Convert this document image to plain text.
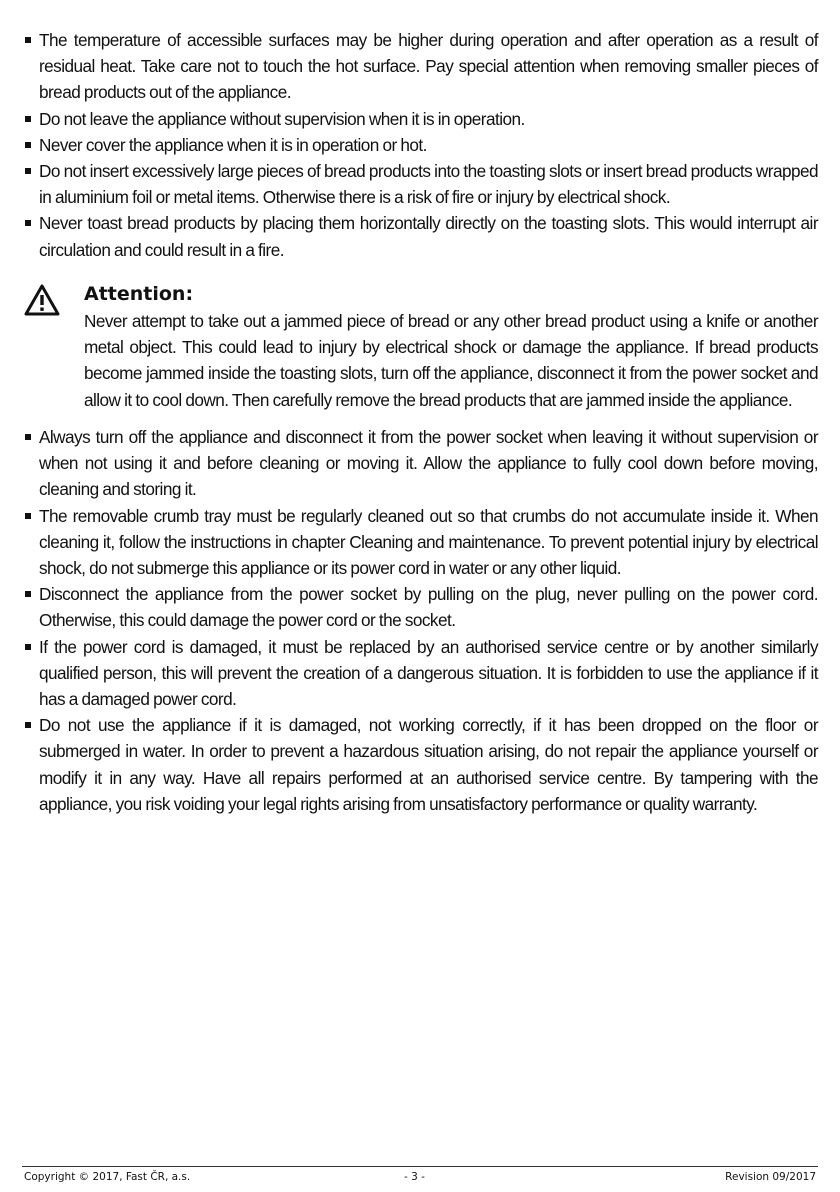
The temperature of accessible surfaces may be higher during operation and after operation as a result of residual heat. Take care not to touch the hot surface. Pay special attention when removing smaller pieces of bread products out of the appliance.
Do not leave the appliance without supervision when it is in operation.
Never cover the appliance when it is in operation or hot.
Do not insert excessively large pieces of bread products into the toasting slots or insert bread products wrapped in aluminium foil or metal items. Otherwise there is a risk of fire or injury by electrical shock.
Never toast bread products by placing them horizontally directly on the toasting slots. This would interrupt air circulation and could result in a fire.
Attention:
Never attempt to take out a jammed piece of bread or any other bread product using a knife or another metal object. This could lead to injury by electrical shock or damage the appliance. If bread products become jammed inside the toasting slots, turn off the appliance, disconnect it from the power socket and allow it to cool down. Then carefully remove the bread products that are jammed inside the appliance.
Always turn off the appliance and disconnect it from the power socket when leaving it without supervision or when not using it and before cleaning or moving it. Allow the appliance to fully cool down before moving, cleaning and storing it.
The removable crumb tray must be regularly cleaned out so that crumbs do not accumulate inside it. When cleaning it, follow the instructions in chapter Cleaning and maintenance. To prevent potential injury by electrical shock, do not submerge this appliance or its power cord in water or any other liquid.
Disconnect the appliance from the power socket by pulling on the plug, never pulling on the power cord. Otherwise, this could damage the power cord or the socket.
If the power cord is damaged, it must be replaced by an authorised service centre or by another similarly qualified person, this will prevent the creation of a dangerous situation. It is forbidden to use the appliance if it has a damaged power cord.
Do not use the appliance if it is damaged, not working correctly, if it has been dropped on the floor or submerged in water. In order to prevent a hazardous situation arising, do not repair the appliance yourself or modify it in any way. Have all repairs performed at an authorised service centre. By tampering with the appliance, you risk voiding your legal rights arising from unsatisfactory performance or quality warranty.
Copyright © 2017, Fast ČR, a.s.	- 3 -	Revision 09/2017
